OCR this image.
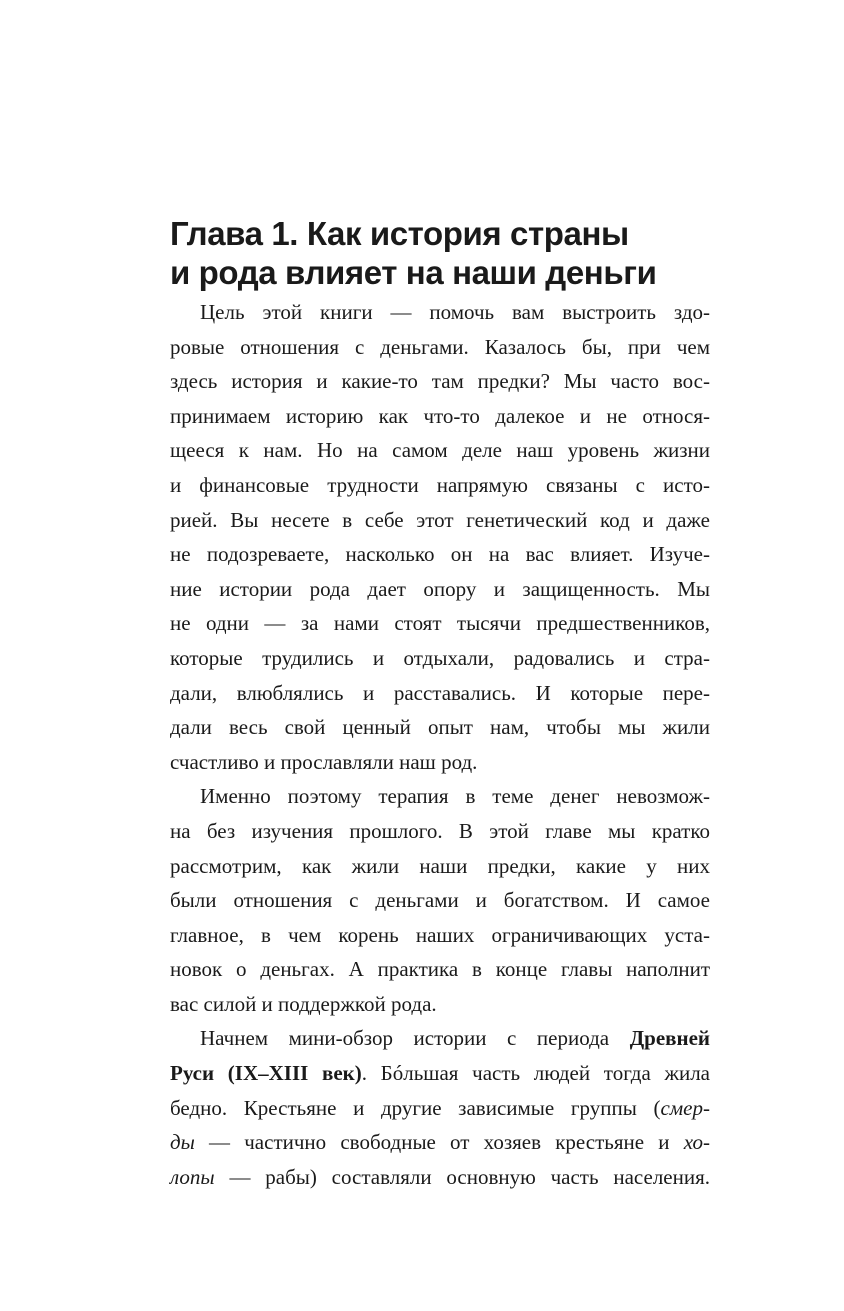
Глава 1. Как история страны
и рода влияет на наши деньги

Цель этой книги — помочь вам выстроить здо-
ровые отношения с деньгами. Казалось бы, при чем
здесь история и какие-то там предки? Мы часто вос-
принимаем историю как что-то далекое и не относя-
щееся к нам. Но на самом деле наш уровень жизни
и финансовые трудности напрямую связаны с исто-
рией. Вы несете в себе этот генетический код и даже
не подозреваете, насколько он на вас влияет. Изуче-
ние истории рода дает опору и защищенность. Мы
не одни — за нами стоят тысячи предшественников,
которые трудились и отдыхали, радовались и стра-
дали, влюблялись и расставались. И которые пере-
дали весь свой ценный опыт нам, чтобы мы жили
счастливо и прославляли наш род.

Именно поэтому терапия в теме денег невозмож-
на без изучения прошлого. В этой главе мы кратко
рассмотрим, как жили наши предки, какие у них
были отношения с деньгами и богатством. И самое
главное, в чем корень наших ограничивающих уста-
новок о деньгах. А практика в конце главы наполнит
вас силой и поддержкой рода.

Начнем мини-обзор истории с периода Древней
Руси (IX–XIII век). Бóльшая часть людей тогда жила
бедно. Крестьяне и другие зависимые группы (смер-
ды — частично свободные от хозяев крестьяне и хо-
лопы — рабы) составляли основную часть населения.
